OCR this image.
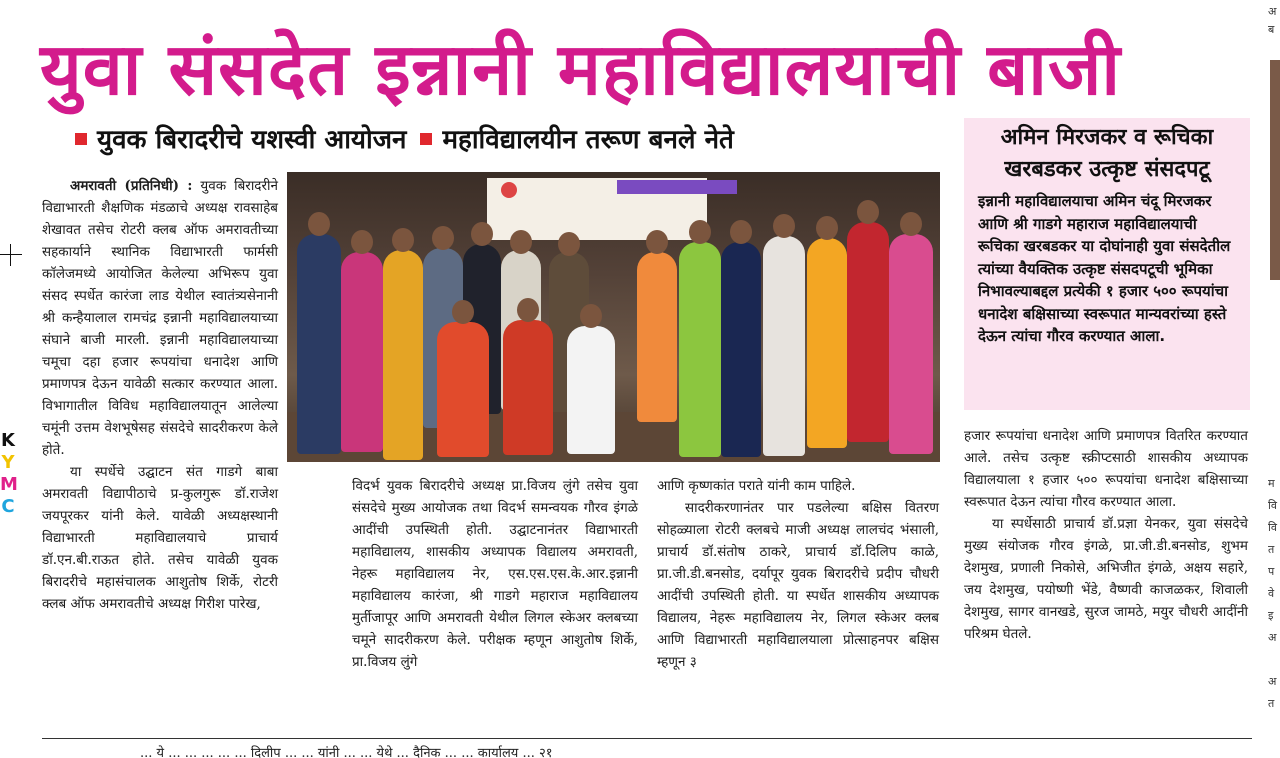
युवा संसदेत इन्नानी महाविद्यालयाची बाजी
अ
ब
म
वि
वि
त
प
वे
इ
अ
अ
त
युवक बिरादरीचे यशस्वी आयोजन महाविद्यालयीन तरूण बनले नेते	अमिन मिरजकर व रूचिका खरबडकर उत्कृष्ट संसदपटू
इन्नानी महाविद्यालयाचा अमिन चंदू मिरजकर आणि श्री गाडगे महाराज महाविद्यालयाची रूचिका खरबडकर या दोघांनाही युवा संसदेतील त्यांच्या वैयक्तिक उत्कृष्ट संसदपटूची भूमिका निभावल्याबद्दल प्रत्येकी १ हजार ५०० रूपयांचा धनादेश बक्षिसाच्या स्वरूपात मान्यवरांच्या हस्ते देऊन त्यांचा गौरव करण्यात आला.

अमरावती (प्रतिनिधी) : युवक बिरादरीने विद्याभारती शैक्षणिक मंडळाचे अध्यक्ष रावसाहेब शेखावत तसेच रोटरी क्लब ऑफ अमरावतीच्या सहकार्याने स्थानिक विद्याभारती फार्मसी कॉलेजमध्ये आयोजित केलेल्या अभिरूप युवा संसद स्पर्धेत कारंजा लाड येथील स्वातंत्र्यसेनानी श्री कन्हैयालाल रामचंद्र इन्नानी महाविद्यालयाच्या संघाने बाजी मारली. इन्नानी महाविद्यालयाच्या चमूचा दहा हजार रूपयांचा धनादेश आणि प्रमाणपत्र देऊन यावेळी सत्कार करण्यात आला. विभागातील विविध महाविद्यालयातून आलेल्या चमूंनी उत्तम वेशभूषेसह संसदेचे सादरीकरण केले होते.

या स्पर्धेचे उद्घाटन संत गाडगे बाबा अमरावती विद्यापीठाचे प्र-कुलगुरू डॉ.राजेश जयपूरकर यांनी केले. यावेळी अध्यक्षस्थानी विद्याभारती महाविद्यालयाचे प्राचार्य डॉ.एन.बी.राऊत होते. तसेच यावेळी युवक बिरादरीचे महासंचालक आशुतोष शिर्के, रोटरी क्लब ऑफ अमरावतीचे अध्यक्ष गिरीश पारेख,

विदर्भ युवक बिरादरीचे अध्यक्ष प्रा.विजय लुंगे तसेच युवा संसदेचे मुख्य आयोजक तथा विदर्भ समन्वयक गौरव इंगळे आदींची उपस्थिती होती. उद्घाटनानंतर विद्याभारती महाविद्यालय, शासकीय अध्यापक विद्यालय अमरावती, नेहरू महाविद्यालय नेर, एस.एस.एस.के.आर.इन्नानी महाविद्यालय कारंजा, श्री गाडगे महाराज महाविद्यालय मुर्तीजापूर आणि अमरावती येथील लिगल स्केअर क्लबच्या चमूने सादरीकरण केले. परीक्षक म्हणून आशुतोष शिर्के, प्रा.विजय लुंगे

आणि कृष्णकांत पराते यांनी काम पाहिले.

सादरीकरणानंतर पार पडलेल्या बक्षिस वितरण सोहळ्याला रोटरी क्लबचे माजी अध्यक्ष लालचंद भंसाली, प्राचार्य डॉ.संतोष ठाकरे, प्राचार्य डॉ.दिलिप काळे, प्रा.जी.डी.बनसोड, दर्यापूर युवक बिरादरीचे प्रदीप चौधरी आदींची उपस्थिती होती. या स्पर्धेत शासकीय अध्यापक विद्यालय, नेहरू महाविद्यालय नेर, लिगल स्केअर क्लब आणि विद्याभारती महाविद्यालयाला प्रोत्साहनपर बक्षिस म्हणून ३

हजार रूपयांचा धनादेश आणि प्रमाणपत्र वितरित करण्यात आले. तसेच उत्कृष्ट स्क्रीप्टसाठी शासकीय अध्यापक विद्यालयाला १ हजार ५०० रूपयांचा धनादेश बक्षिसाच्या स्वरूपात देऊन त्यांचा गौरव करण्यात आला.

या स्पर्धेसाठी प्राचार्य डॉ.प्रज्ञा येनकर, युवा संसदेचे मुख्य संयोजक गौरव इंगळे, प्रा.जी.डी.बनसोड, शुभम देशमुख, प्रणाली निकोसे, अभिजीत इंगळे, अक्षय सहारे, जय देशमुख, पयोष्णी भेंडे, वैष्णवी काजळकर, शिवाली देशमुख, सागर वानखडे, सुरज जामठे, मयुर चौधरी आदींनी परिश्रम घेतले.

K
Y
M
C
... ये ... ... ... ... ... दिलीप ... ... यांनी ... ... येथे ... दैनिक ... ... कार्यालय ... २१
